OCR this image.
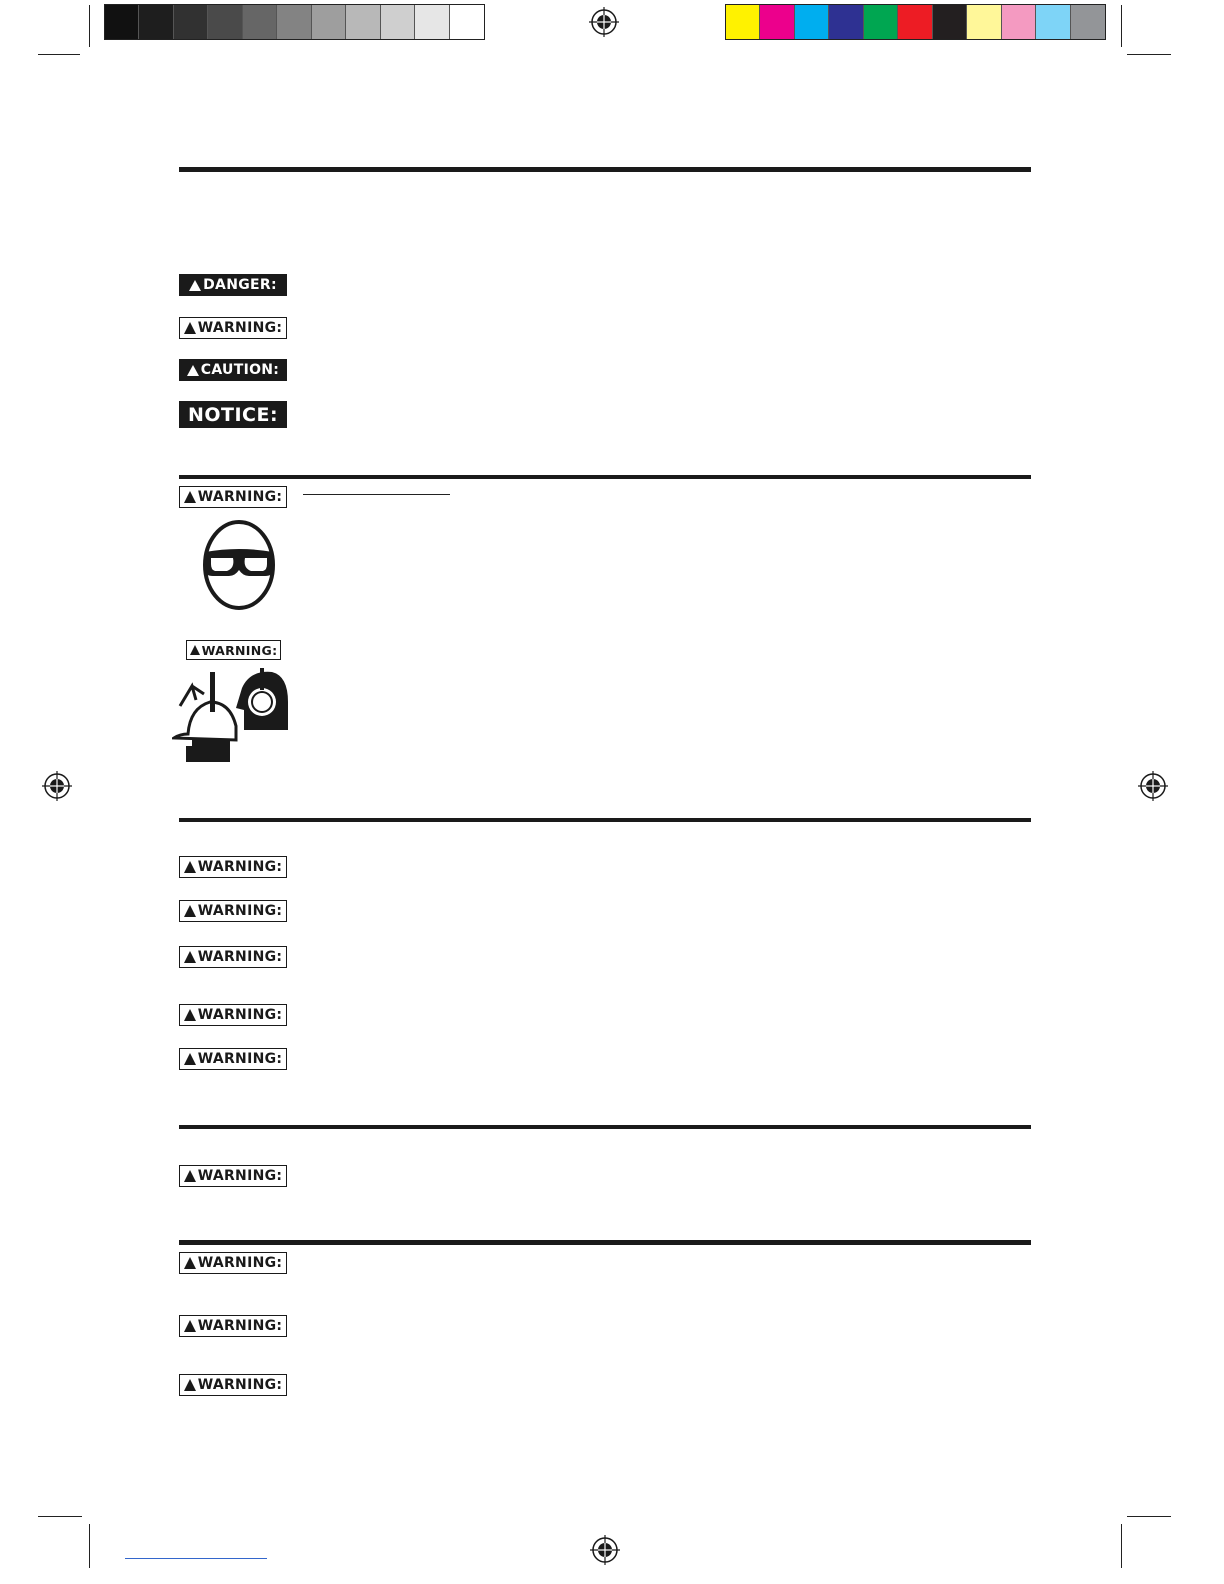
DANGER:
WARNING:
CAUTION:
NOTICE:
WARNING:
WARNING:
WARNING:
WARNING:
WARNING:
WARNING:
WARNING:
WARNING:
WARNING:
WARNING:
WARNING:
